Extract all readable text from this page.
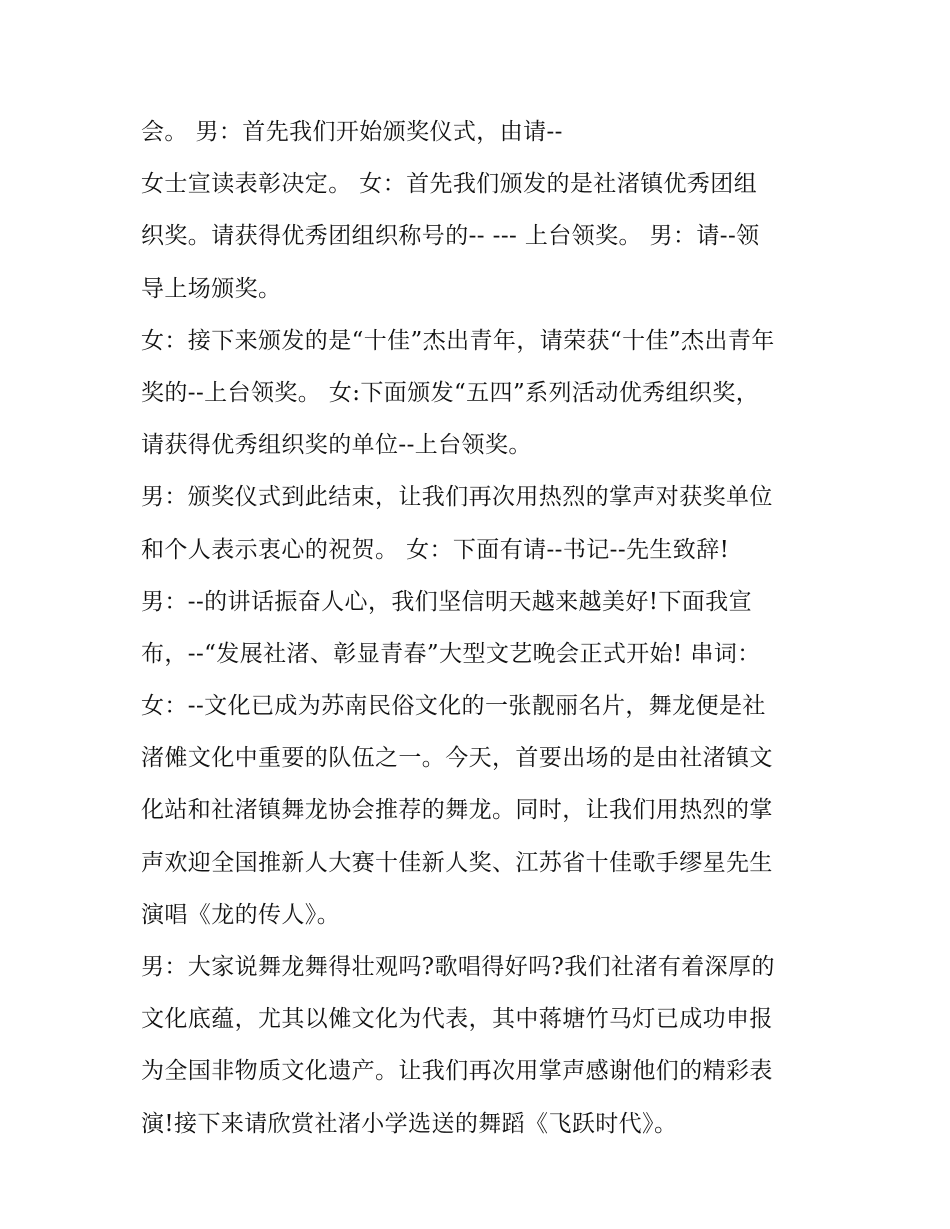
会。 男：首先我们开始颁奖仪式，由请--

女士宣读表彰决定。 女：首先我们颁发的是社渚镇优秀团组

织奖。请获得优秀团组织称号的-- --- 上台领奖。 男：请--领

导上场颁奖。

女：接下来颁发的是“十佳”杰出青年，请荣获“十佳”杰出青年

奖的--上台领奖。 女:下面颁发“五四”系列活动优秀组织奖，

请获得优秀组织奖的单位--上台领奖。

男：颁奖仪式到此结束，让我们再次用热烈的掌声对获奖单位

和个人表示衷心的祝贺。 女：下面有请--书记--先生致辞!

男：--的讲话振奋人心，我们坚信明天越来越美好!下面我宣

布，--“发展社渚、彰显青春”大型文艺晚会正式开始! 串词：

女：--文化已成为苏南民俗文化的一张靓丽名片，舞龙便是社

渚傩文化中重要的队伍之一。今天，首要出场的是由社渚镇文

化站和社渚镇舞龙协会推荐的舞龙。同时，让我们用热烈的掌

声欢迎全国推新人大赛十佳新人奖、江苏省十佳歌手缪星先生

演唱《龙的传人》。

男：大家说舞龙舞得壮观吗?歌唱得好吗?我们社渚有着深厚的

文化底蕴，尤其以傩文化为代表，其中蒋塘竹马灯已成功申报

为全国非物质文化遗产。让我们再次用掌声感谢他们的精彩表

演!接下来请欣赏社渚小学选送的舞蹈《飞跃时代》。
